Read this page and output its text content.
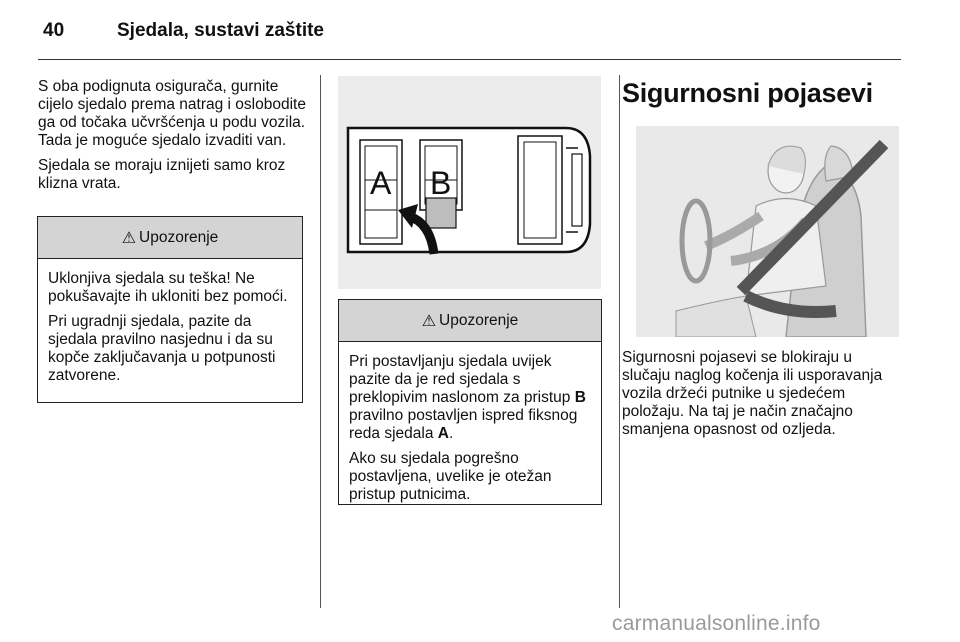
40	Sjedala, sustavi zaštite

S oba podignuta osigurača, gurnite cijelo sjedalo prema natrag i oslobodite ga od točaka učvršćenja u podu vozila. Tada je moguće sjedalo izvaditi van.

Sjedala se moraju iznijeti samo kroz klizna vrata.

⚠ Upozorenje

Uklonjiva sjedala su teška! Ne pokušavajte ih ukloniti bez pomoći.

Pri ugradnji sjedala, pazite da sjedala pravilno nasjednu i da su kopče zaključavanja u potpunosti zatvorene.

A B
⚠ Upozorenje

Pri postavljanju sjedala uvijek pazite da je red sjedala s preklopivim naslonom za pristup B pravilno postavljen ispred fiksnog reda sjedala A.

Ako su sjedala pogrešno postavljena, uvelike je otežan pristup putnicima.

Sigurnosni pojasevi

Sigurnosni pojasevi se blokiraju u slučaju naglog kočenja ili usporavanja vozila držeći putnike u sjedećem položaju. Na taj je način značajno smanjena opasnost od ozljeda.

carmanualsonline.info
